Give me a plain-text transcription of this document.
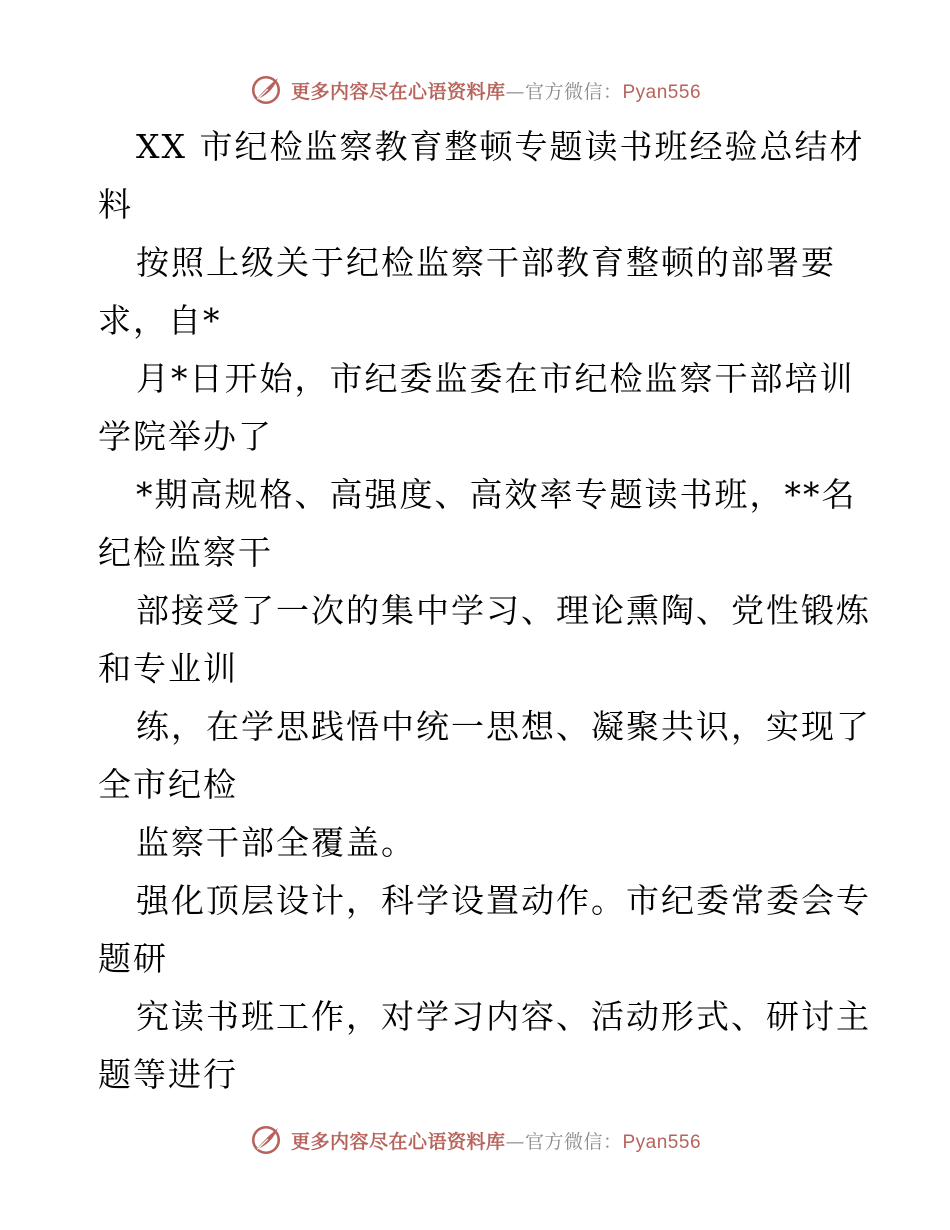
更多内容尽在心语资料库—官方微信：Pyan556
XX 市纪检监察教育整顿专题读书班经验总结材
料
按照上级关于纪检监察干部教育整顿的部署要
求，自*
月*日开始，市纪委监委在市纪检监察干部培训
学院举办了
*期高规格、高强度、高效率专题读书班，**名
纪检监察干
部接受了一次的集中学习、理论熏陶、党性锻炼
和专业训
练，在学思践悟中统一思想、凝聚共识，实现了
全市纪检
监察干部全覆盖。
强化顶层设计，科学设置动作。市纪委常委会专
题研
究读书班工作，对学习内容、活动形式、研讨主
题等进行
更多内容尽在心语资料库—官方微信：Pyan556
